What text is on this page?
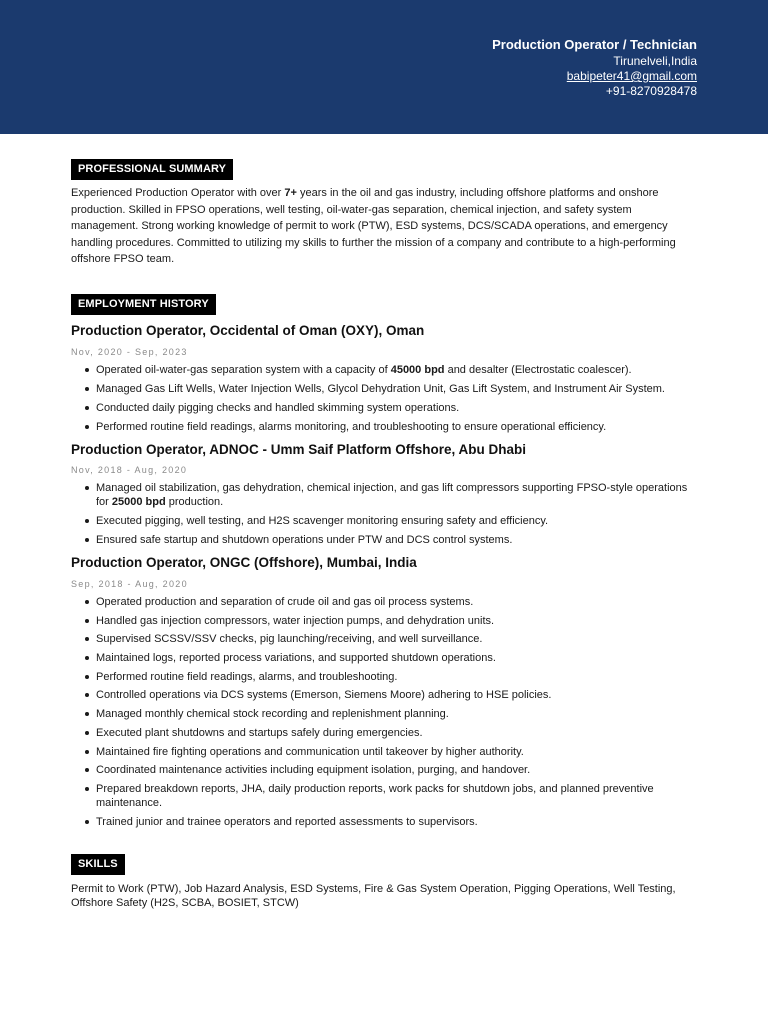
Production Operator / Technician
Tirunelveli,India
babipeter41@gmail.com
+91-8270928478
PROFESSIONAL SUMMARY
Experienced Production Operator with over 7+ years in the oil and gas industry, including offshore platforms and onshore production. Skilled in FPSO operations, well testing, oil-water-gas separation, chemical injection, and safety system management. Strong working knowledge of permit to work (PTW), ESD systems, DCS/SCADA operations, and emergency handling procedures. Committed to utilizing my skills to further the mission of a company and contribute to a high-performing offshore FPSO team.
EMPLOYMENT HISTORY
Production Operator, Occidental of Oman (OXY), Oman
Nov, 2020 - Sep, 2023
Operated oil-water-gas separation system with a capacity of 45000 bpd and desalter (Electrostatic coalescer).
Managed Gas Lift Wells, Water Injection Wells, Glycol Dehydration Unit, Gas Lift System, and Instrument Air System.
Conducted daily pigging checks and handled skimming system operations.
Performed routine field readings, alarms monitoring, and troubleshooting to ensure operational efficiency.
Production Operator, ADNOC - Umm Saif Platform Offshore, Abu Dhabi
Nov, 2018 - Aug, 2020
Managed oil stabilization, gas dehydration, chemical injection, and gas lift compressors supporting FPSO-style operations for 25000 bpd production.
Executed pigging, well testing, and H2S scavenger monitoring ensuring safety and efficiency.
Ensured safe startup and shutdown operations under PTW and DCS control systems.
Production Operator, ONGC (Offshore), Mumbai, India
Sep, 2018 - Aug, 2020
Operated production and separation of crude oil and gas oil process systems.
Handled gas injection compressors, water injection pumps, and dehydration units.
Supervised SCSSV/SSV checks, pig launching/receiving, and well surveillance.
Maintained logs, reported process variations, and supported shutdown operations.
Performed routine field readings, alarms, and troubleshooting.
Controlled operations via DCS systems (Emerson, Siemens Moore) adhering to HSE policies.
Managed monthly chemical stock recording and replenishment planning.
Executed plant shutdowns and startups safely during emergencies.
Maintained fire fighting operations and communication until takeover by higher authority.
Coordinated maintenance activities including equipment isolation, purging, and handover.
Prepared breakdown reports, JHA, daily production reports, work packs for shutdown jobs, and planned preventive maintenance.
Trained junior and trainee operators and reported assessments to supervisors.
SKILLS
Permit to Work (PTW), Job Hazard Analysis, ESD Systems, Fire & Gas System Operation, Pigging Operations, Well Testing, Offshore Safety (H2S, SCBA, BOSIET, STCW)
